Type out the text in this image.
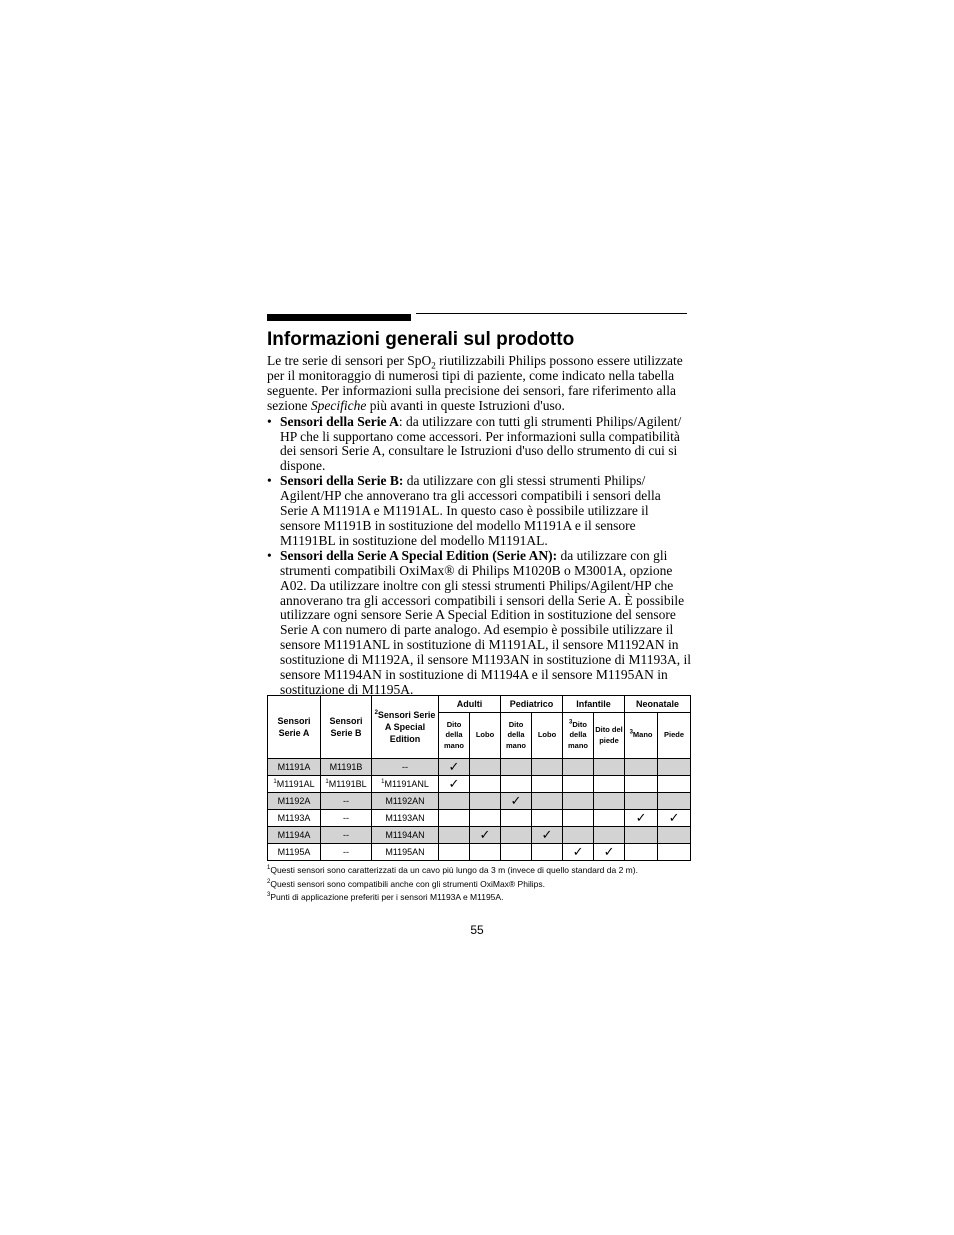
Informazioni generali sul prodotto

Le tre serie di sensori per SpO$_2$ riutilizzabili Philips possono essere utilizzate per il monitoraggio di numerosi tipi di paziente, come indicato nella tabella seguente. Per informazioni sulla precisione dei sensori, fare riferimento alla sezione Specifiche più avanti in queste Istruzioni d'uso.

• Sensori della Serie A: da utilizzare con tutti gli strumenti Philips/Agilent/ HP che li supportano come accessori. Per informazioni sulla compatibilità dei sensori Serie A, consultare le Istruzioni d'uso dello strumento di cui si dispone.
• Sensori della Serie B: da utilizzare con gli stessi strumenti Philips/ Agilent/HP che annoverano tra gli accessori compatibili i sensori della Serie A M1191A e M1191AL. In questo caso è possibile utilizzare il sensore M1191B in sostituzione del modello M1191A e il sensore M1191BL in sostituzione del modello M1191AL.
• Sensori della Serie A Special Edition (Serie AN): da utilizzare con gli strumenti compatibili OxiMax® di Philips M1020B o M3001A, opzione A02. Da utilizzare inoltre con gli stessi strumenti Philips/Agilent/HP che annoverano tra gli accessori compatibili i sensori della Serie A. È possibile utilizzare ogni sensore Serie A Special Edition in sostituzione del sensore Serie A con numero di parte analogo. Ad esempio è possibile utilizzare il sensore M1191ANL in sostituzione di M1191AL, il sensore M1192AN in sostituzione di M1192A, il sensore M1193AN in sostituzione di M1193A, il sensore M1194AN in sostituzione di M1194A e il sensore M1195AN in sostituzione di M1195A.
Sensori Serie A	Sensori Serie B	$^2$Sensori Serie A Special Edition	Adulti		Pediatrico		Infantile		Neonatale	
			Dito della mano	Lobo	Dito della mano	Lobo	$^3$Dito della mano	Dito del piede	$^3$Mano	Piede
M1191A	M1191B	--	✓							
$^1$M1191AL	$^1$M1191BL	$^1$M1191ANL	✓							
M1192A	--	M1192AN			✓					
M1193A	--	M1193AN							✓	✓
M1194A	--	M1194AN		✓		✓				
M1195A	--	M1195AN					✓	✓		
$^1$Questi sensori sono caratterizzati da un cavo più lungo da 3 m (invece di quello standard da 2 m).
$^2$Questi sensori sono compatibili anche con gli strumenti OxiMax® Philips.
$^3$Punti di applicazione preferiti per i sensori M1193A e M1195A.
55
